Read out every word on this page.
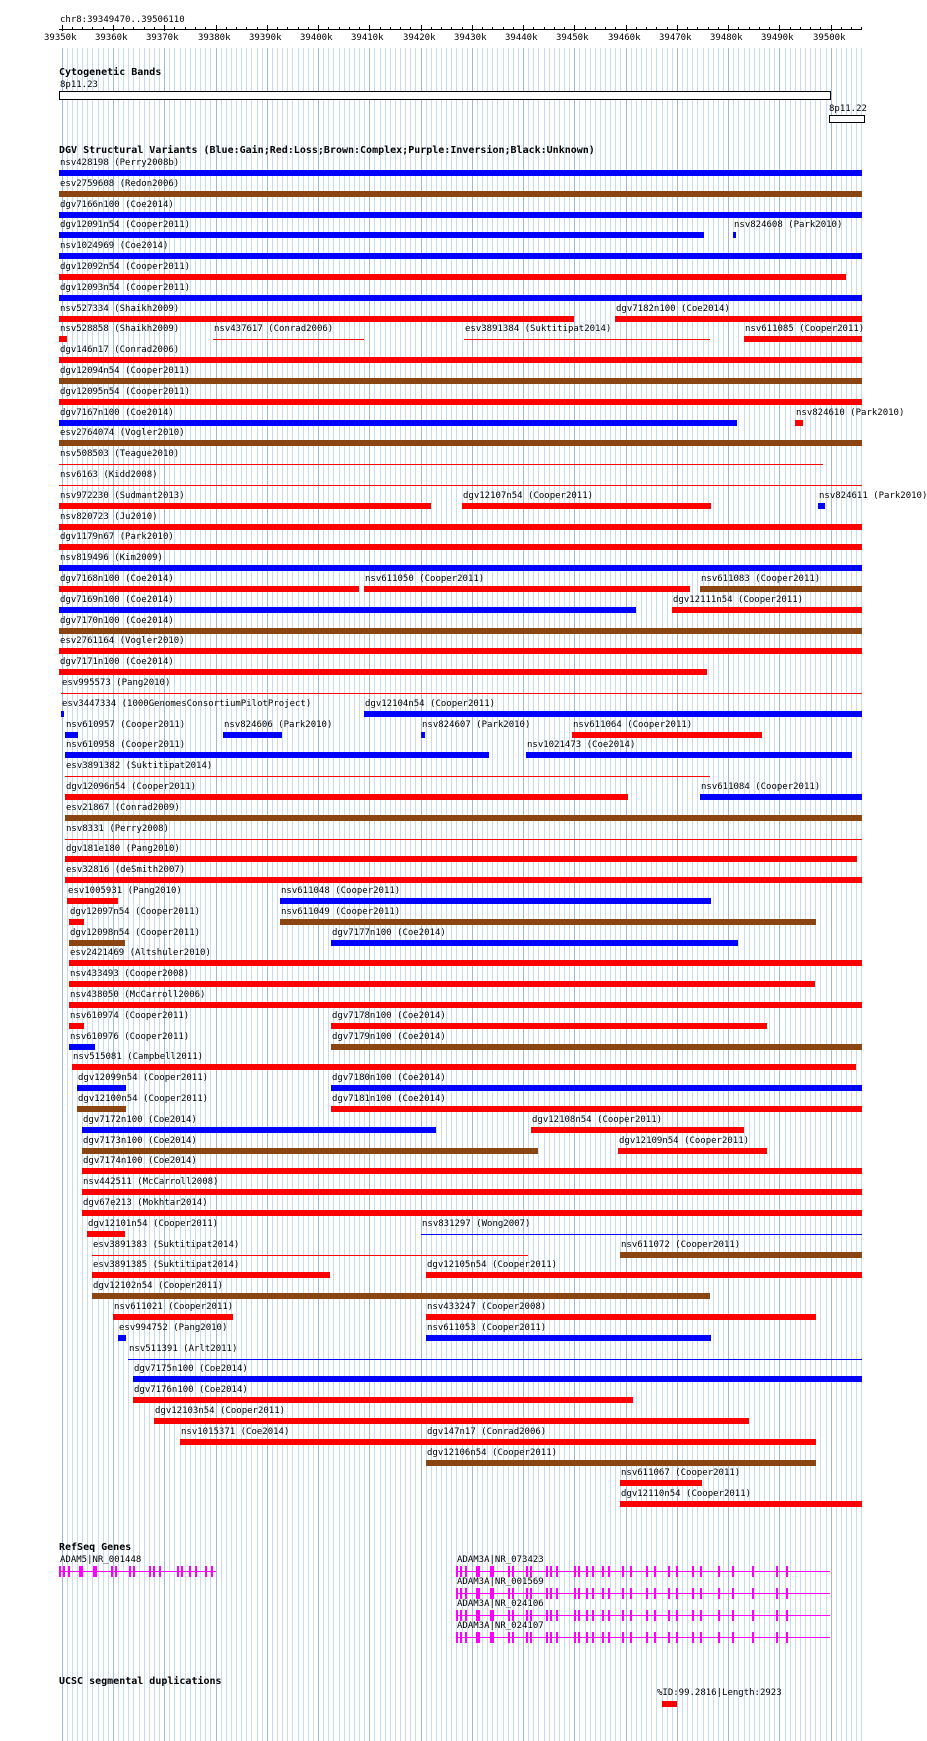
chr8:39349470..39506110
39350k 39360k 39370k 39380k 39390k 39400k 39410k 39420k 39430k 39440k 39450k 39460k 39470k 39480k 39490k 39500k
Cytogenetic Bands
8p11.23
8p11.22
DGV Structural Variants (Blue:Gain;Red:Loss;Brown:Complex;Purple:Inversion;Black:Unknown)
nsv428198 (Perry2008b)
esv2759608 (Redon2006)
dgv7166n100 (Coe2014)
dgv12091n54 (Cooper2011)	nsv824608 (Park2010)
nsv1024969 (Coe2014)
dgv12092n54 (Cooper2011)
dgv12093n54 (Cooper2011)
nsv527334 (Shaikh2009)	dgv7182n100 (Coe2014)
nsv528858 (Shaikh2009)	nsv437617 (Conrad2006)	esv3891384 (Suktitipat2014)	nsv611085 (Cooper2011)
dgv146n17 (Conrad2006)
dgv12094n54 (Cooper2011)
dgv12095n54 (Cooper2011)
dgv7167n100 (Coe2014)	nsv824610 (Park2010)
esv2764074 (Vogler2010)
nsv508503 (Teague2010)
nsv6163 (Kidd2008)
nsv972230 (Sudmant2013)	dgv12107n54 (Cooper2011)	nsv824611 (Park2010)
nsv820723 (Ju2010)
dgv1179n67 (Park2010)
nsv819496 (Kim2009)
dgv7168n100 (Coe2014)	nsv611050 (Cooper2011)	nsv611083 (Cooper2011)
dgv7169n100 (Coe2014)	dgv12111n54 (Cooper2011)
dgv7170n100 (Coe2014)
esv2761164 (Vogler2010)
dgv7171n100 (Coe2014)
esv995573 (Pang2010)
esv3447334 (1000GenomesConsortiumPilotProject)	dgv12104n54 (Cooper2011)
nsv610957 (Cooper2011)	nsv824606 (Park2010)	nsv824607 (Park2010)	nsv611064 (Cooper2011)
nsv610958 (Cooper2011)	nsv1021473 (Coe2014)
esv3891382 (Suktitipat2014)
dgv12096n54 (Cooper2011)	nsv611084 (Cooper2011)
esv21867 (Conrad2009)
nsv8331 (Perry2008)
dgv181e180 (Pang2010)
esv32816 (deSmith2007)
esv1005931 (Pang2010)	nsv611048 (Cooper2011)
dgv12097n54 (Cooper2011)	nsv611049 (Cooper2011)
dgv12098n54 (Cooper2011)	dgv7177n100 (Coe2014)
esv2421469 (Altshuler2010)
nsv433493 (Cooper2008)
nsv438050 (McCarroll2006)
nsv610974 (Cooper2011)	dgv7178n100 (Coe2014)
nsv610976 (Cooper2011)	dgv7179n100 (Coe2014)
nsv515081 (Campbell2011)
dgv12099n54 (Cooper2011)	dgv7180n100 (Coe2014)
dgv12100n54 (Cooper2011)	dgv7181n100 (Coe2014)
dgv7172n100 (Coe2014)	dgv12108n54 (Cooper2011)
dgv7173n100 (Coe2014)	dgv12109n54 (Cooper2011)
dgv7174n100 (Coe2014)
nsv442511 (McCarroll2008)
dgv67e213 (Mokhtar2014)
dgv12101n54 (Cooper2011)	nsv831297 (Wong2007)
esv3891383 (Suktitipat2014)	nsv611072 (Cooper2011)
esv3891385 (Suktitipat2014)	dgv12105n54 (Cooper2011)
dgv12102n54 (Cooper2011)
nsv611021 (Cooper2011)	nsv433247 (Cooper2008)
esv994752 (Pang2010)	nsv611053 (Cooper2011)
nsv511391 (Arlt2011)
dgv7175n100 (Coe2014)
dgv7176n100 (Coe2014)
dgv12103n54 (Cooper2011)
nsv1015371 (Coe2014)	dgv147n17 (Conrad2006)
dgv12106n54 (Cooper2011)
nsv611067 (Cooper2011)
dgv12110n54 (Cooper2011)
RefSeq Genes
ADAM5|NR_001448	ADAM3A|NR_073423
ADAM3A|NR_001569
ADAM3A|NR_024106
ADAM3A|NR_024107
UCSC segmental duplications
%ID:99.2816|Length:2923
